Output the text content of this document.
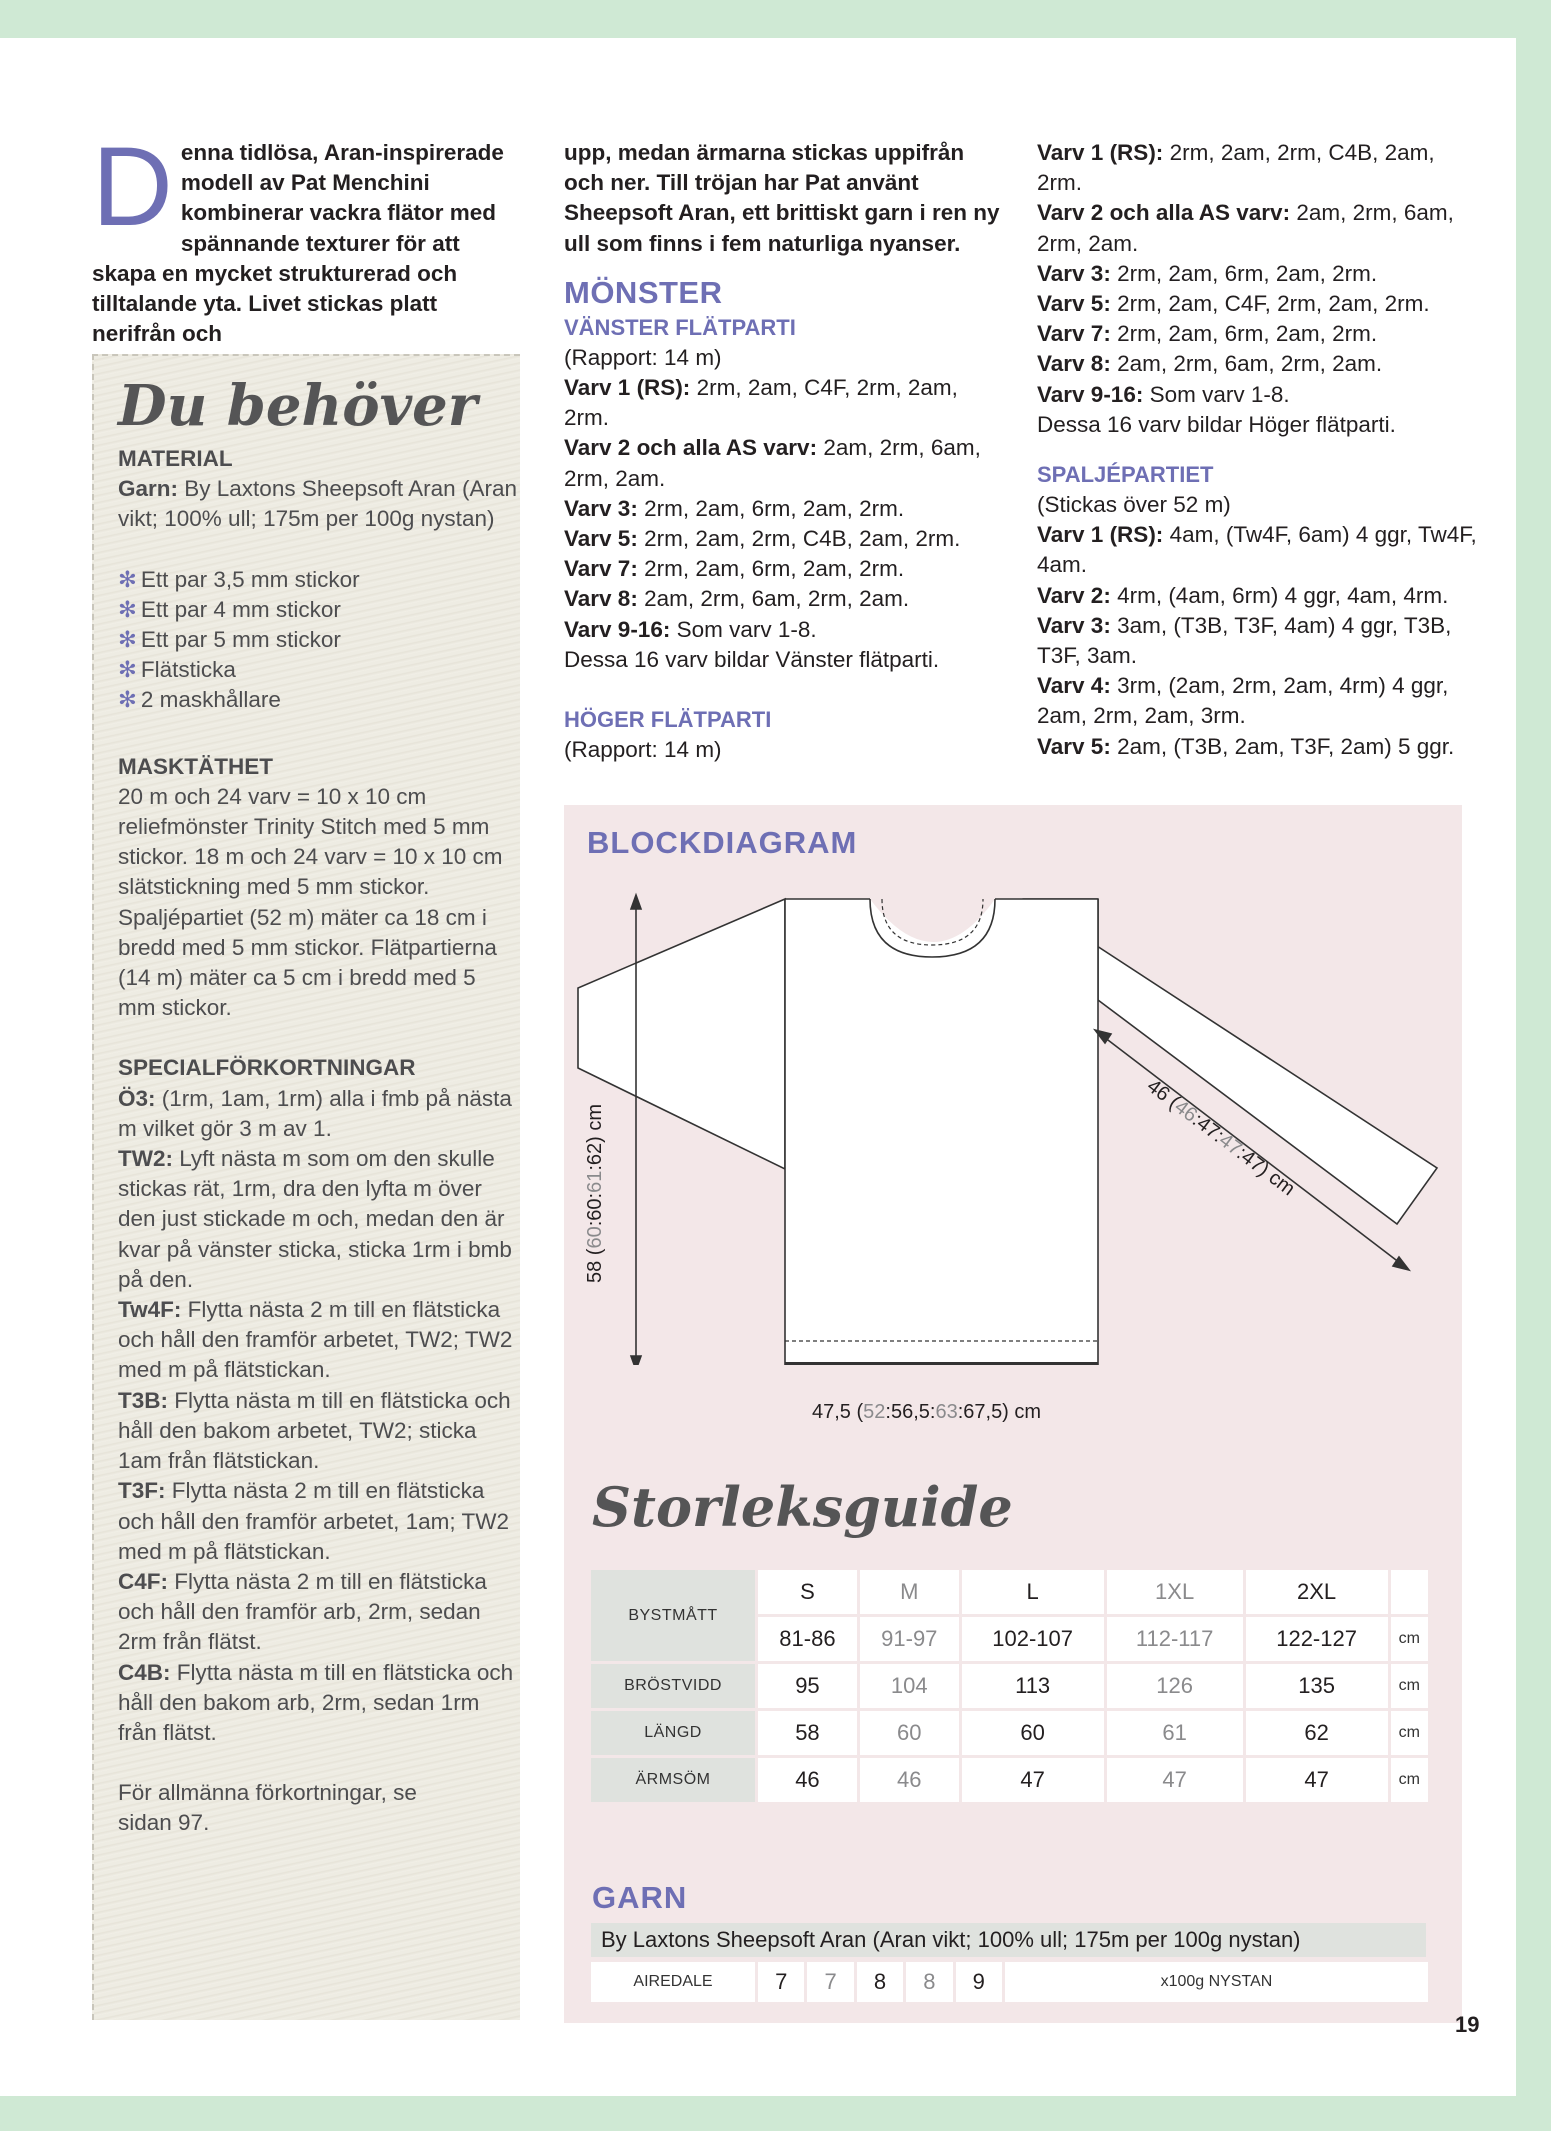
Denna tidlösa, Aran-inspirerade modell av Pat Menchini kombinerar vackra flätor med spännande texturer för att skapa en mycket strukturerad och tilltalande yta. Livet stickas platt nerifrån och
Du behöver
MATERIAL
Garn: By Laxtons Sheepsoft Aran (Aran vikt; 100% ull; 175m per 100g nystan)
✻ Ett par 3,5 mm stickor
✻ Ett par 4 mm stickor
✻ Ett par 5 mm stickor
✻ Flätsticka
✻ 2 maskhållare
MASKTÄTHET
20 m och 24 varv = 10 x 10 cm reliefmönster Trinity Stitch med 5 mm stickor. 18 m och 24 varv = 10 x 10 cm slätstickning med 5 mm stickor. Spaljépartiet (52 m) mäter ca 18 cm i bredd med 5 mm stickor. Flätpartierna (14 m) mäter ca 5 cm i bredd med 5 mm stickor.
SPECIALFÖRKORTNINGAR
Ö3: (1rm, 1am, 1rm) alla i fmb på nästa m vilket gör 3 m av 1.
TW2: Lyft nästa m som om den skulle stickas rät, 1rm, dra den lyfta m över den just stickade m och, medan den är kvar på vänster sticka, sticka 1rm i bmb på den.
Tw4F: Flytta nästa 2 m till en flätsticka och håll den framför arbetet, TW2; TW2 med m på flätstickan.
T3B: Flytta nästa m till en flätsticka och håll den bakom arbetet, TW2; sticka 1am från flätstickan.
T3F: Flytta nästa 2 m till en flätsticka och håll den framför arbetet, 1am; TW2 med m på flätstickan.
C4F: Flytta nästa 2 m till en flätsticka och håll den framför arb, 2rm, sedan 2rm från flätst.
C4B: Flytta nästa m till en flätsticka och håll den bakom arb, 2rm, sedan 1rm från flätst.
För allmänna förkortningar, se sidan 97.
upp, medan ärmarna stickas uppifrån och ner. Till tröjan har Pat använt Sheepsoft Aran, ett brittiskt garn i ren ny ull som finns i fem naturliga nyanser.
MÖNSTER
VÄNSTER FLÄTPARTI
(Rapport: 14 m)
Varv 1 (RS): 2rm, 2am, C4F, 2rm, 2am, 2rm.
Varv 2 och alla AS varv: 2am, 2rm, 6am, 2rm, 2am.
Varv 3: 2rm, 2am, 6rm, 2am, 2rm.
Varv 5: 2rm, 2am, 2rm, C4B, 2am, 2rm.
Varv 7: 2rm, 2am, 6rm, 2am, 2rm.
Varv 8: 2am, 2rm, 6am, 2rm, 2am.
Varv 9-16: Som varv 1-8.
Dessa 16 varv bildar Vänster flätparti.
HÖGER FLÄTPARTI
(Rapport: 14 m)
Varv 1 (RS): 2rm, 2am, 2rm, C4B, 2am, 2rm.
Varv 2 och alla AS varv: 2am, 2rm, 6am, 2rm, 2am.
Varv 3: 2rm, 2am, 6rm, 2am, 2rm.
Varv 5: 2rm, 2am, C4F, 2rm, 2am, 2rm.
Varv 7: 2rm, 2am, 6rm, 2am, 2rm.
Varv 8: 2am, 2rm, 6am, 2rm, 2am.
Varv 9-16: Som varv 1-8.
Dessa 16 varv bildar Höger flätparti.
SPALJÉPARTIET
(Stickas över 52 m)
Varv 1 (RS): 4am, (Tw4F, 6am) 4 ggr, Tw4F, 4am.
Varv 2: 4rm, (4am, 6rm) 4 ggr, 4am, 4rm.
Varv 3: 3am, (T3B, T3F, 4am) 4 ggr, T3B, T3F, 3am.
Varv 4: 3rm, (2am, 2rm, 2am, 4rm) 4 ggr, 2am, 2rm, 2am, 3rm.
Varv 5: 2am, (T3B, 2am, T3F, 2am) 5 ggr.
BLOCKDIAGRAM
58 (60:60:61:62) cm
46 (46:47:47:47) cm
47,5 (52:56,5:63:67,5) cm
Storleksguide
BYSTMÅTT	S	M	L	1XL	2XL	
	81-86	91-97	102-107	112-117	122-127	cm
BRÖSTVIDD	95	104	113	126	135	cm
LÄNGD	58	60	60	61	62	cm
ÄRMSÖM	46	46	47	47	47	cm
GARN
By Laxtons Sheepsoft Aran (Aran vikt; 100% ull; 175m per 100g nystan)
AIREDALE	7	7	8	8	9	x100g NYSTAN
19
